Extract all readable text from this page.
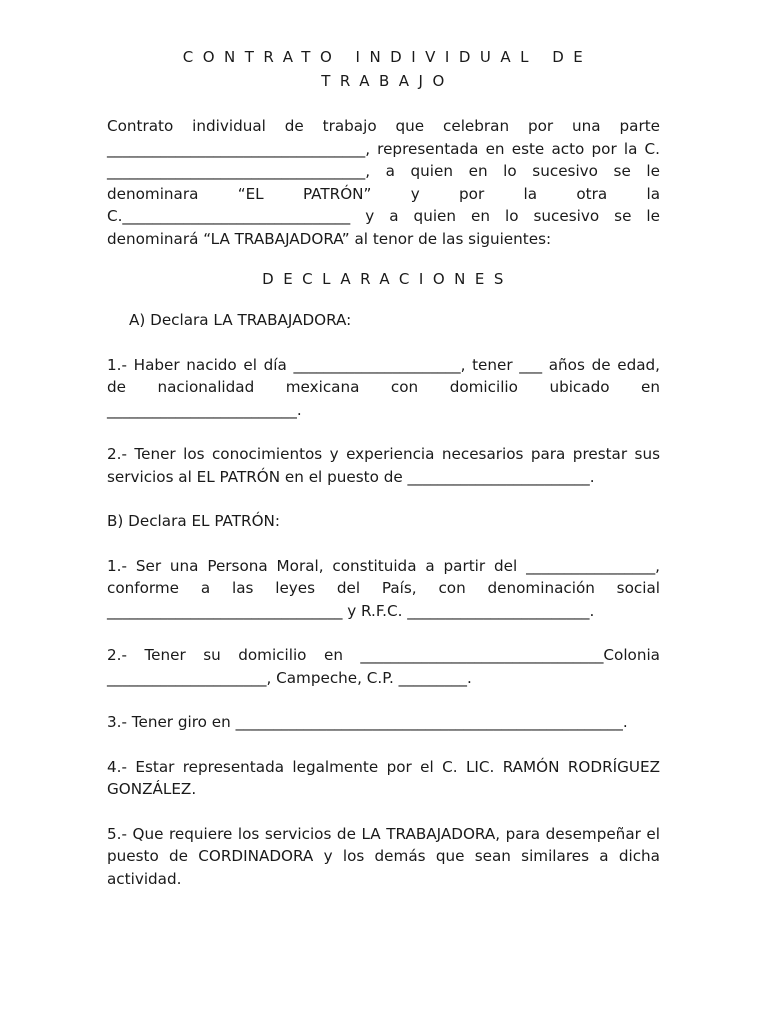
CONTRATO INDIVIDUAL DE TRABAJO

Contrato individual de trabajo que celebran por una parte __________________________________, representada en este acto por la C. __________________________________, a quien en lo sucesivo se le denominara “EL PATRÓN” y por la otra la C.______________________________ y a quien en lo sucesivo se le denominará “LA TRABAJADORA” al tenor de las siguientes:

DECLARACIONES

A) Declara LA TRABAJADORA:

1.- Haber nacido el día ______________________, tener ___ años de edad, de nacionalidad mexicana con domicilio ubicado en _________________________.

2.- Tener los conocimientos y experiencia necesarios para prestar sus servicios al EL PATRÓN en el puesto de ________________________.

B) Declara EL PATRÓN:

1.- Ser una Persona Moral, constituida a partir del _________________, conforme a las leyes del País, con denominación social _______________________________ y R.F.C. ________________________.

2.- Tener su domicilio en ________________________________Colonia _____________________, Campeche, C.P. _________.

3.- Tener giro en ___________________________________________________.

4.- Estar representada legalmente por el C. LIC. RAMÓN RODRÍGUEZ GONZÁLEZ.

5.- Que requiere los servicios de LA TRABAJADORA, para desempeñar el puesto de CORDINADORA y los demás que sean similares a dicha actividad.
